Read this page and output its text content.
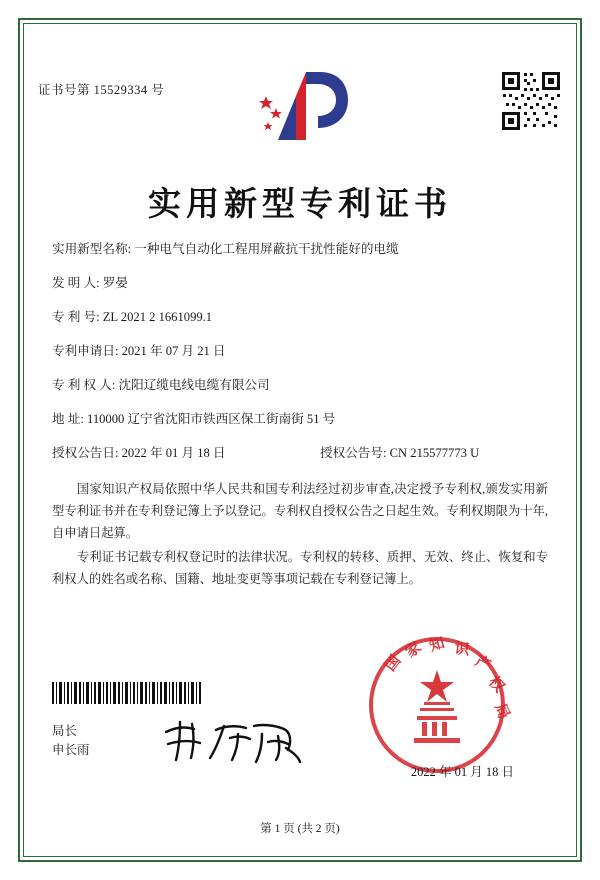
证书号第 15529334 号
实用新型专利证书
实用新型名称: 一种电气自动化工程用屏蔽抗干扰性能好的电缆
发 明 人: 罗晏
专 利 号: ZL 2021 2 1661099.1
专利申请日: 2021 年 07 月 21 日
专 利 权 人: 沈阳辽缆电线电缆有限公司
地 址: 110000 辽宁省沈阳市铁西区保工街南街 51 号
授权公告日: 2022 年 01 月 18 日	授权公告号: CN 215577773 U

国家知识产权局依照中华人民共和国专利法经过初步审查,决定授予专利权,颁发实用新型专利证书并在专利登记簿上予以登记。专利权自授权公告之日起生效。专利权期限为十年,自申请日起算。

专利证书记载专利权登记时的法律状况。专利权的转移、质押、无效、终止、恢复和专利权人的姓名或名称、国籍、地址变更等事项记载在专利登记簿上。

局长
申长雨
国
家 知 识
产
权
局
2022 年 01 月 18 日
第 1 页 (共 2 页)
